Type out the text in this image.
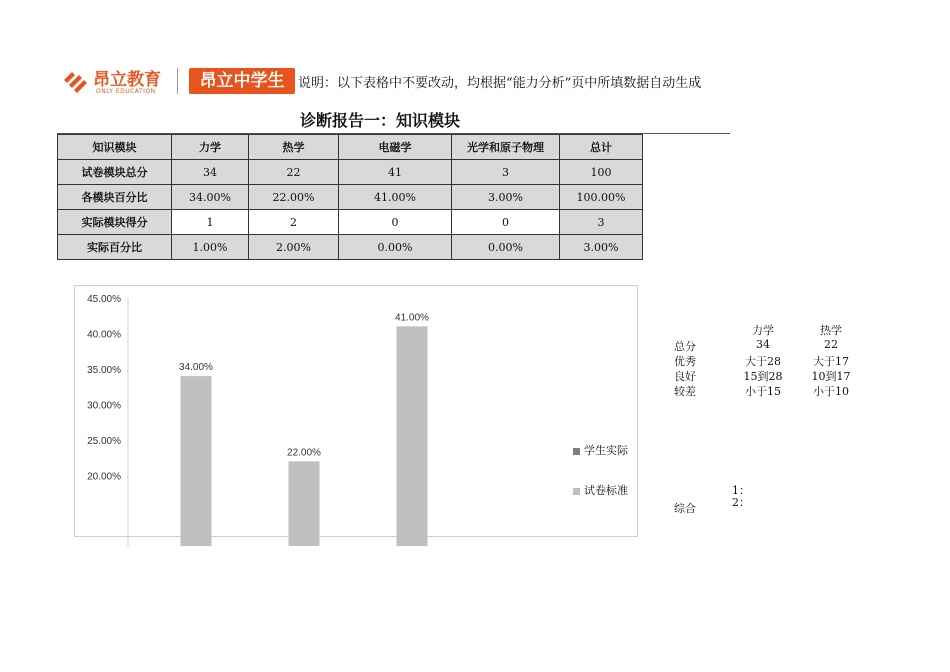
昂立教育
ONLY EDUCATION
昂立中学生	说明：以下表格中不要改动，均根据“能力分析”页中所填数据自动生成
诊断报告一：知识模块
知识模块	力学	热学	电磁学	光学和原子物理	总计
试卷模块总分	34	22	41	3	100
各模块百分比	34.00%	22.00%	41.00%	3.00%	100.00%
实际模块得分	1	2	0	0	3
实际百分比	1.00%	2.00%	0.00%	0.00%	3.00%
45.00%
40.00%
35.00%
30.00%
25.00%
20.00%
34.00%
22.00%
41.00%
学生实际
试卷标准
力学	热学
总分	34	22
优秀	大于28	大于17
良好	15到28	10到17
较差	小于15	小于10
1：
2：
综合
